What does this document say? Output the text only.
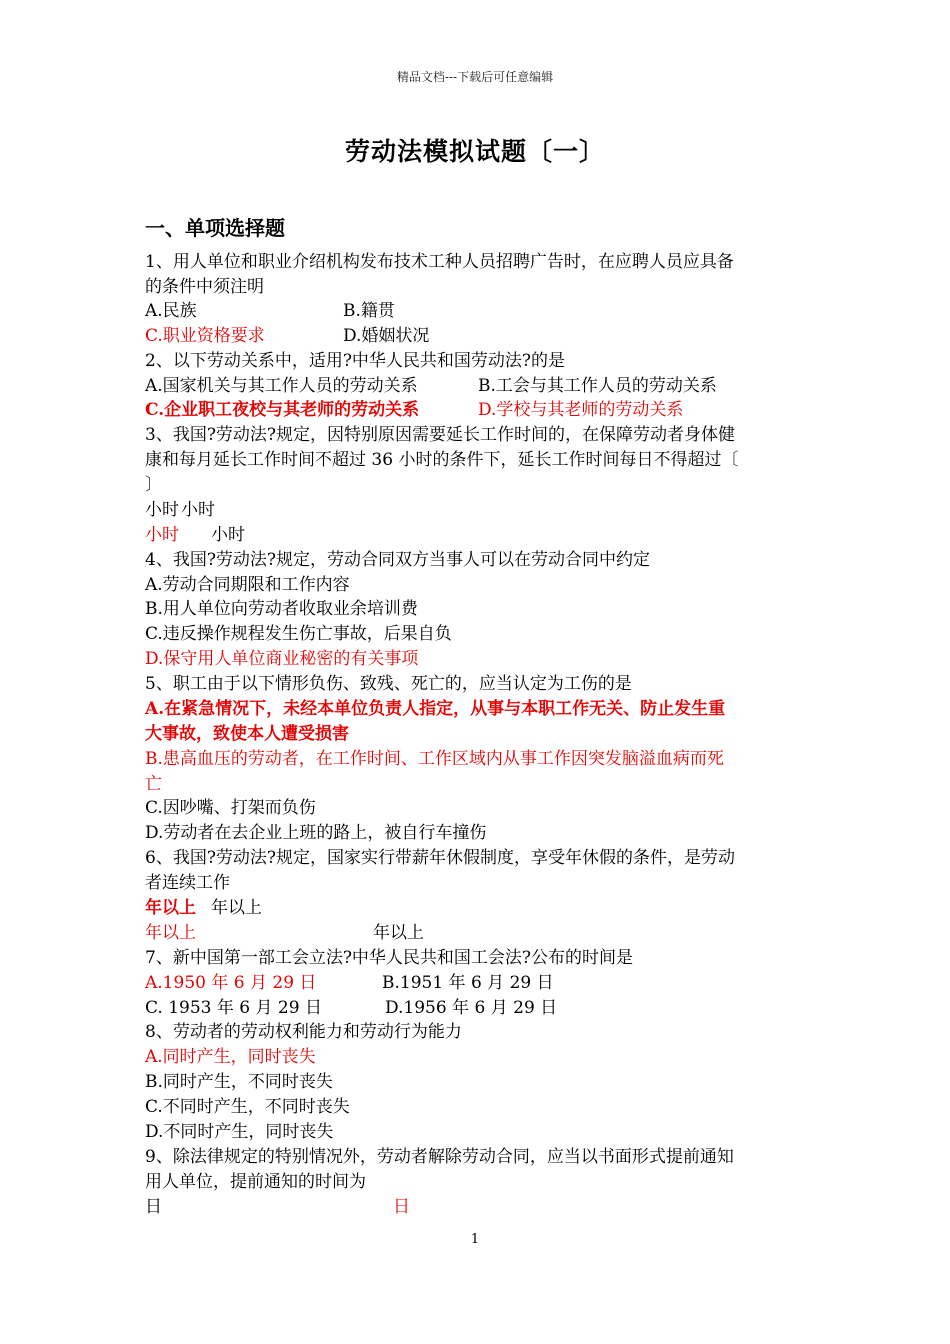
精品文档---下载后可任意编辑
劳动法模拟试题〔一〕
一、单项选择题
1、用人单位和职业介绍机构发布技术工种人员招聘广告时，在应聘人员应具备
的条件中须注明
A.民族	B.籍贯
C.职业资格要求	D.婚姻状况
2、以下劳动关系中，适用?中华人民共和国劳动法?的是
A.国家机关与其工作人员的劳动关系	B.工会与其工作人员的劳动关系
C.企业职工夜校与其老师的劳动关系	D.学校与其老师的劳动关系
3、我国?劳动法?规定，因特别原因需要延长工作时间的，在保障劳动者身体健
康和每月延长工作时间不超过 36 小时的条件下，延长工作时间每日不得超过〔
〕
小时 小时
小时 小时
4、我国?劳动法?规定，劳动合同双方当事人可以在劳动合同中约定
A.劳动合同期限和工作内容
B.用人单位向劳动者收取业余培训费
C.违反操作规程发生伤亡事故，后果自负
D.保守用人单位商业秘密的有关事项
5、职工由于以下情形负伤、致残、死亡的，应当认定为工伤的是
A.在紧急情况下，未经本单位负责人指定，从事与本职工作无关、防止发生重
大事故，致使本人遭受损害
B.患高血压的劳动者，在工作时间、工作区域内从事工作因突发脑溢血病而死
亡
C.因吵嘴、打架而负伤
D.劳动者在去企业上班的路上，被自行车撞伤
6、我国?劳动法?规定，国家实行带薪年休假制度，享受年休假的条件，是劳动
者连续工作
年以上 年以上
年以上	年以上
7、新中国第一部工会立法?中华人民共和国工会法?公布的时间是
A.1950 年 6 月 29 日	B.1951 年 6 月 29 日
C. 1953 年 6 月 29 日	D.1956 年 6 月 29 日
8、劳动者的劳动权利能力和劳动行为能力
A.同时产生，同时丧失
B.同时产生，不同时丧失
C.不同时产生，不同时丧失
D.不同时产生，同时丧失
9、除法律规定的特别情况外，劳动者解除劳动合同，应当以书面形式提前通知
用人单位，提前通知的时间为
日	日
1
